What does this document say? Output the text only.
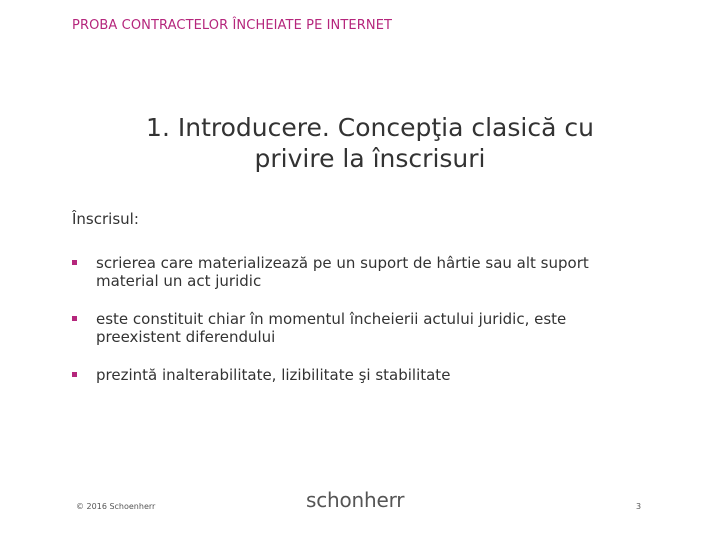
PROBA CONTRACTELOR ÎNCHEIATE PE INTERNET
1. Introducere. Concepţia clasică cu
privire la înscrisuri
Înscrisul:
scrierea care materializează pe un suport de hârtie sau alt suport
material un act juridic
este constituit chiar în momentul încheierii actului juridic, este
preexistent diferendului
prezintă inalterabilitate, lizibilitate şi stabilitate
© 2016 Schoenherr	schonherr	3
